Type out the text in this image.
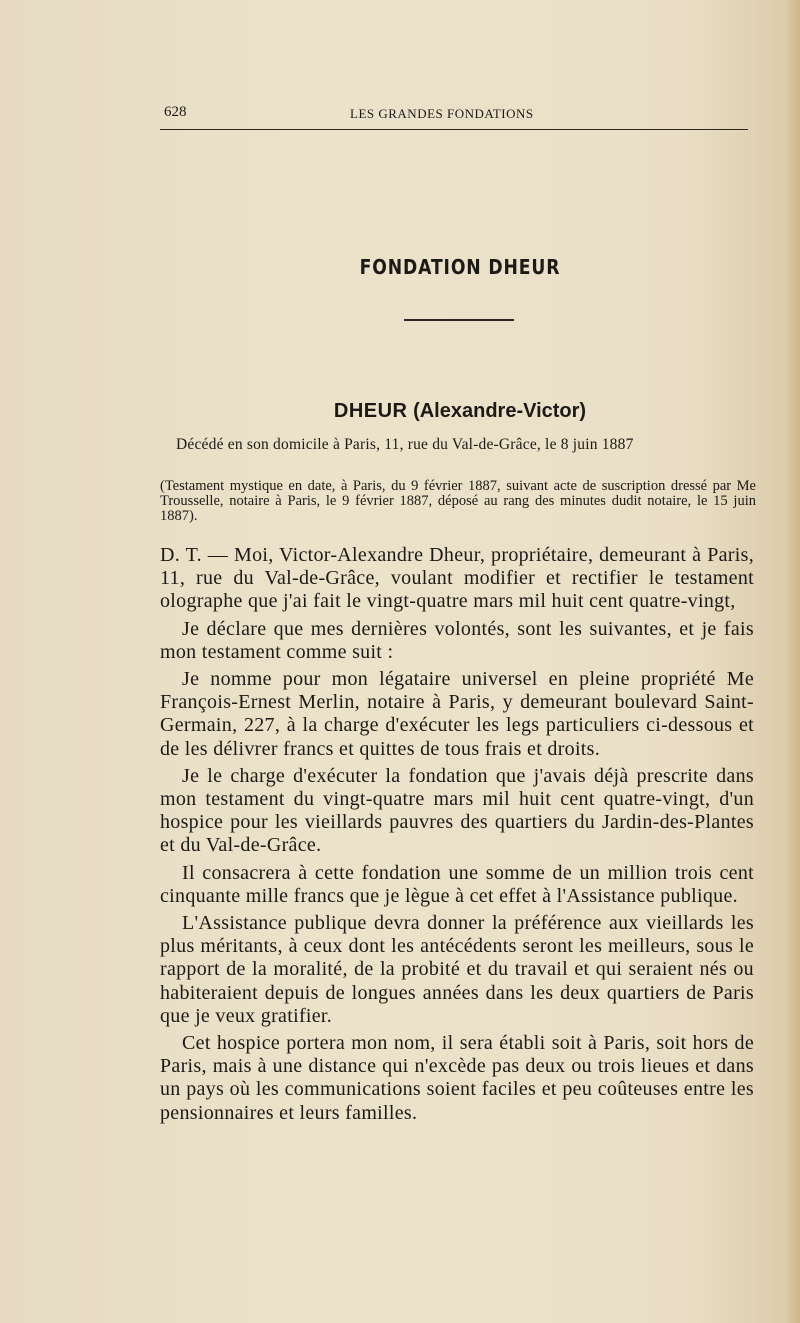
628	LES GRANDES FONDATIONS
FONDATION DHEUR
DHEUR (Alexandre-Victor)
Décédé en son domicile à Paris, 11, rue du Val-de-Grâce, le 8 juin 1887
(Testament mystique en date, à Paris, du 9 février 1887, suivant acte de suscription dressé par Me Trousselle, notaire à Paris, le 9 février 1887, déposé au rang des minutes dudit notaire, le 15 juin 1887).

D. T. — Moi, Victor-Alexandre Dheur, propriétaire, demeurant à Paris, 11, rue du Val-de-Grâce, voulant modifier et rectifier le testament olographe que j'ai fait le vingt-quatre mars mil huit cent quatre-vingt,

Je déclare que mes dernières volontés, sont les suivantes, et je fais mon testament comme suit :

Je nomme pour mon légataire universel en pleine propriété Me François-Ernest Merlin, notaire à Paris, y demeurant boulevard Saint-Germain, 227, à la charge d'exécuter les legs particuliers ci-dessous et de les délivrer francs et quittes de tous frais et droits.

Je le charge d'exécuter la fondation que j'avais déjà prescrite dans mon testament du vingt-quatre mars mil huit cent quatre-vingt, d'un hospice pour les vieillards pauvres des quartiers du Jardin-des-Plantes et du Val-de-Grâce.

Il consacrera à cette fondation une somme de un million trois cent cinquante mille francs que je lègue à cet effet à l'Assistance publique.

L'Assistance publique devra donner la préférence aux vieillards les plus méritants, à ceux dont les antécédents seront les meilleurs, sous le rapport de la moralité, de la probité et du travail et qui seraient nés ou habiteraient depuis de longues années dans les deux quartiers de Paris que je veux gratifier.

Cet hospice portera mon nom, il sera établi soit à Paris, soit hors de Paris, mais à une distance qui n'excède pas deux ou trois lieues et dans un pays où les communications soient faciles et peu coûteuses entre les pensionnaires et leurs familles.
